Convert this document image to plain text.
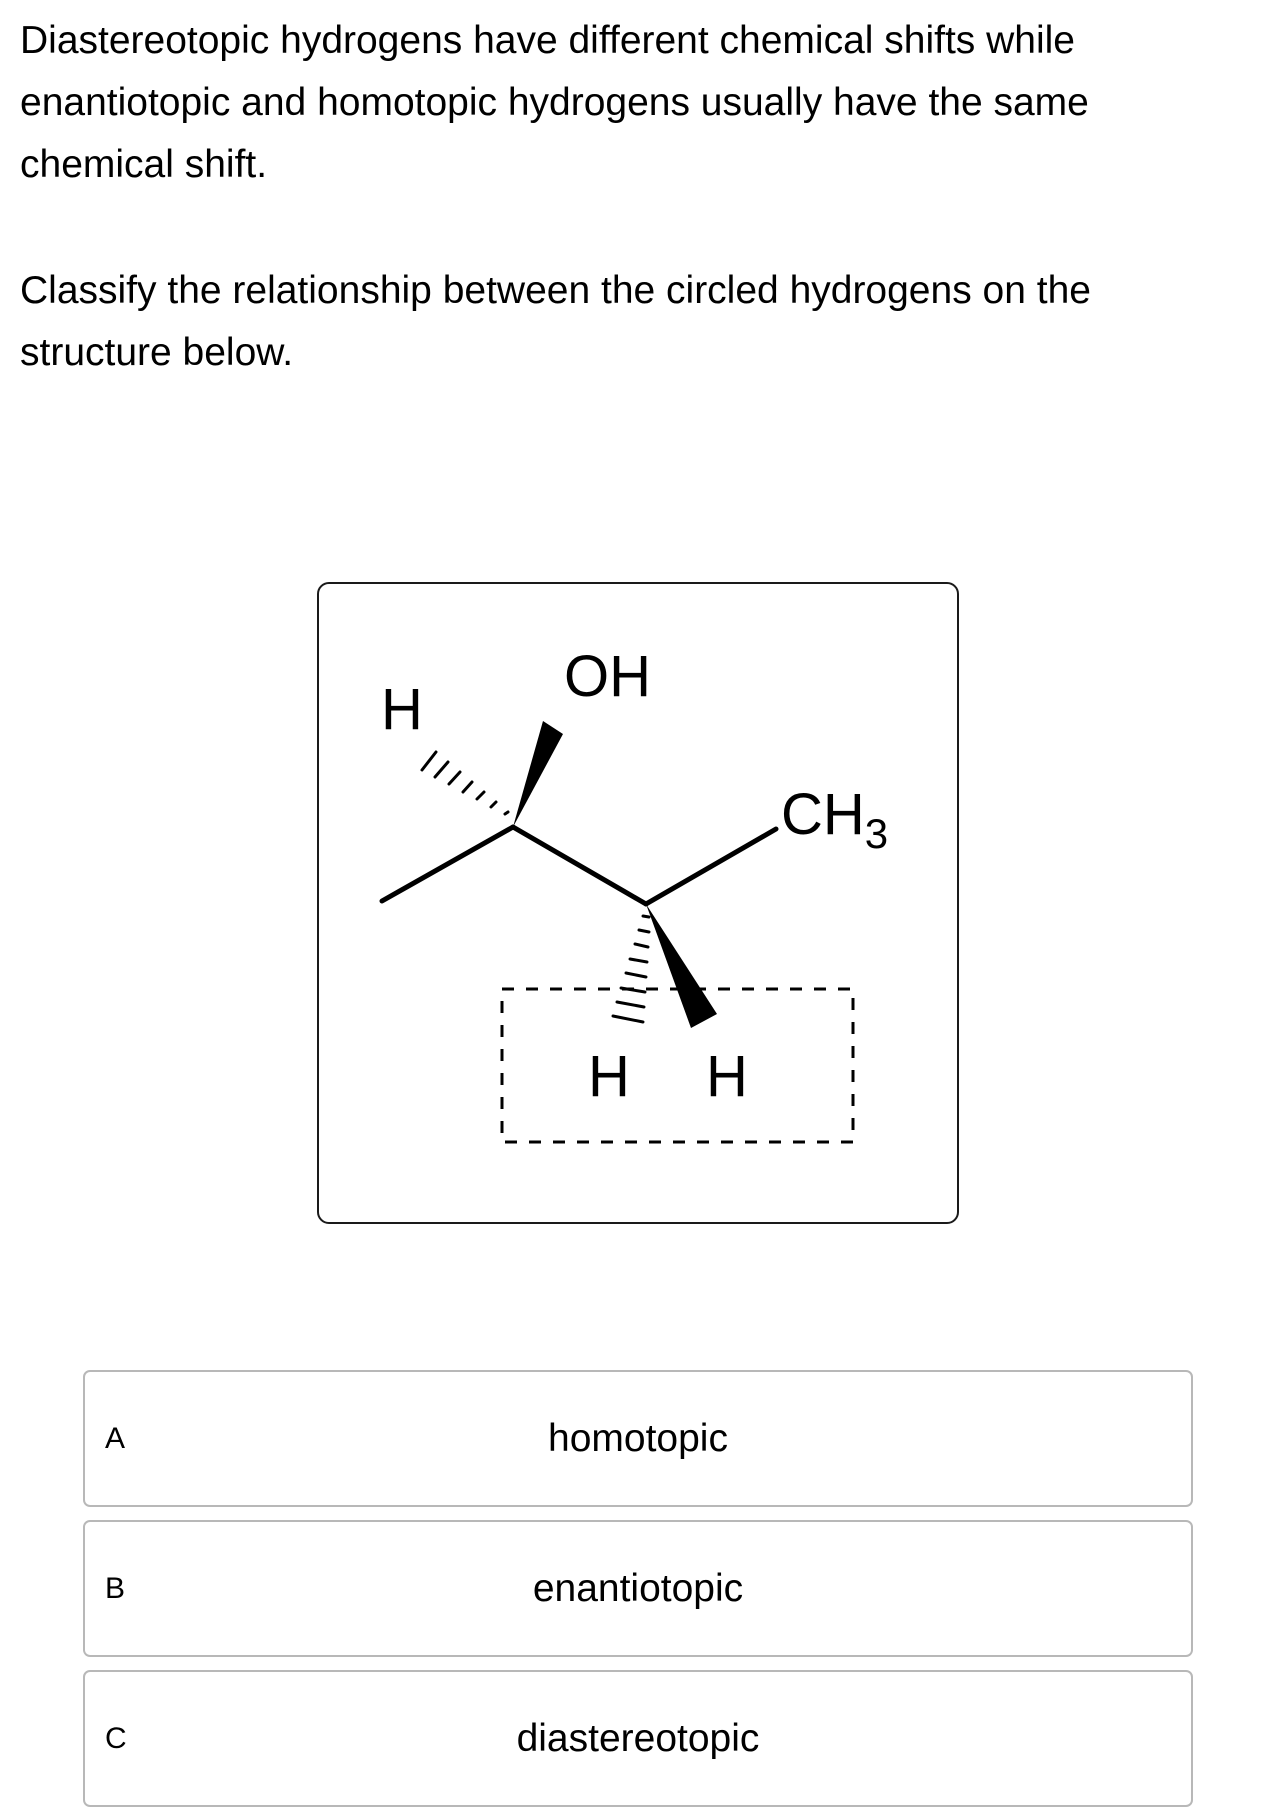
Diastereotopic hydrogens have different chemical shifts while enantiotopic and homotopic hydrogens usually have the same chemical shift.

Classify the relationship between the circled hydrogens on the structure below.

H
OH
$CH_3$
H H
A	homotopic
B	enantiotopic
C	diastereotopic
